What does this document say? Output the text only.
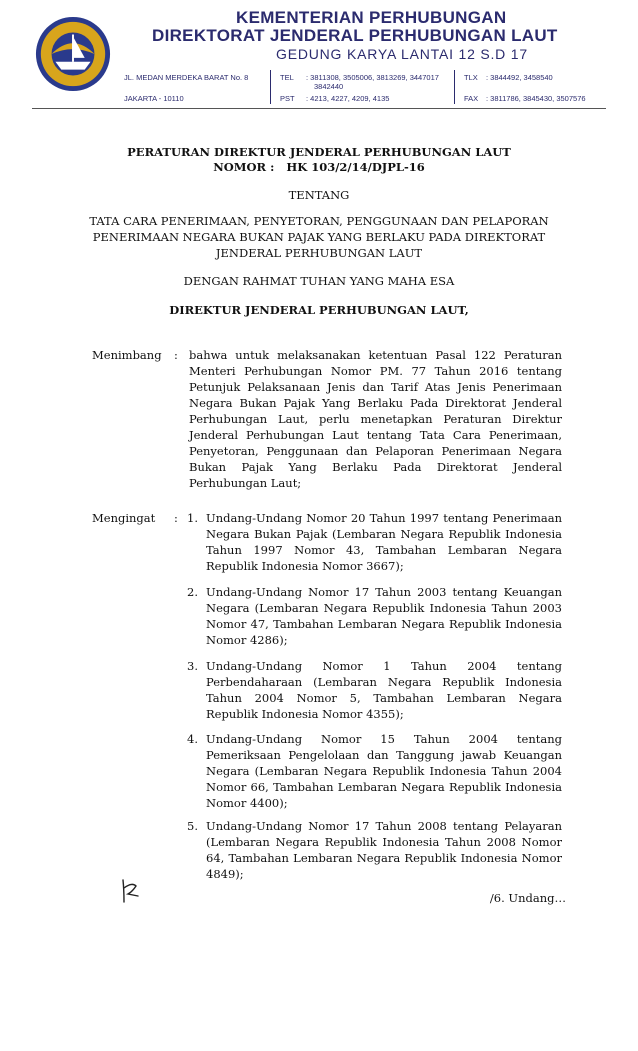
KEMENTERIAN PERHUBUNGAN
DIREKTORAT JENDERAL PERHUBUNGAN LAUT
GEDUNG KARYA LANTAI 12 S.D 17
JL. MEDAN MERDEKA BARAT No. 8
JAKARTA - 10110
TEL : 3811308, 3505006, 3813269, 3447017
3842440
PST : 4213, 4227, 4209, 4135
TLX : 3844492, 3458540
FAX : 3811786, 3845430, 3507576
PERATURAN DIREKTUR JENDERAL PERHUBUNGAN LAUT
NOMOR :   HK 103/2/14/DJPL-16
TENTANG
TATA CARA PENERIMAAN, PENYETORAN, PENGGUNAAN DAN PELAPORAN
PENERIMAAN NEGARA BUKAN PAJAK YANG BERLAKU PADA DIREKTORAT
JENDERAL PERHUBUNGAN LAUT
DENGAN RAHMAT TUHAN YANG MAHA ESA
DIREKTUR JENDERAL PERHUBUNGAN LAUT,
Menimbang : bahwa untuk melaksanakan ketentuan Pasal 122 Peraturan Menteri Perhubungan Nomor PM. 77 Tahun 2016 tentang Petunjuk Pelaksanaan Jenis dan Tarif Atas Jenis Penerimaan Negara Bukan Pajak Yang Berlaku Pada Direktorat Jenderal Perhubungan Laut, perlu menetapkan Peraturan Direktur Jenderal Perhubungan Laut tentang Tata Cara Penerimaan, Penyetoran, Penggunaan dan Pelaporan Penerimaan Negara Bukan Pajak Yang Berlaku Pada Direktorat Jenderal Perhubungan Laut;
Mengingat : 1. Undang-Undang Nomor 20 Tahun 1997 tentang Penerimaan Negara Bukan Pajak (Lembaran Negara Republik Indonesia Tahun 1997 Nomor 43, Tambahan Lembaran Negara Republik Indonesia Nomor 3667);
2. Undang-Undang Nomor 17 Tahun 2003 tentang Keuangan Negara (Lembaran Negara Republik Indonesia Tahun 2003 Nomor 47, Tambahan Lembaran Negara Republik Indonesia Nomor 4286);
3. Undang-Undang Nomor 1 Tahun 2004 tentang Perbendaharaan (Lembaran Negara Republik Indonesia Tahun 2004 Nomor 5, Tambahan Lembaran Negara Republik Indonesia Nomor 4355);
4. Undang-Undang Nomor 15 Tahun 2004 tentang Pemeriksaan Pengelolaan dan Tanggung jawab Keuangan Negara (Lembaran Negara Republik Indonesia Tahun 2004 Nomor 66, Tambahan Lembaran Negara Republik Indonesia Nomor 4400);
5. Undang-Undang Nomor 17 Tahun 2008 tentang Pelayaran (Lembaran Negara Republik Indonesia Tahun 2008 Nomor 64, Tambahan Lembaran Negara Republik Indonesia Nomor 4849);
/6. Undang…
